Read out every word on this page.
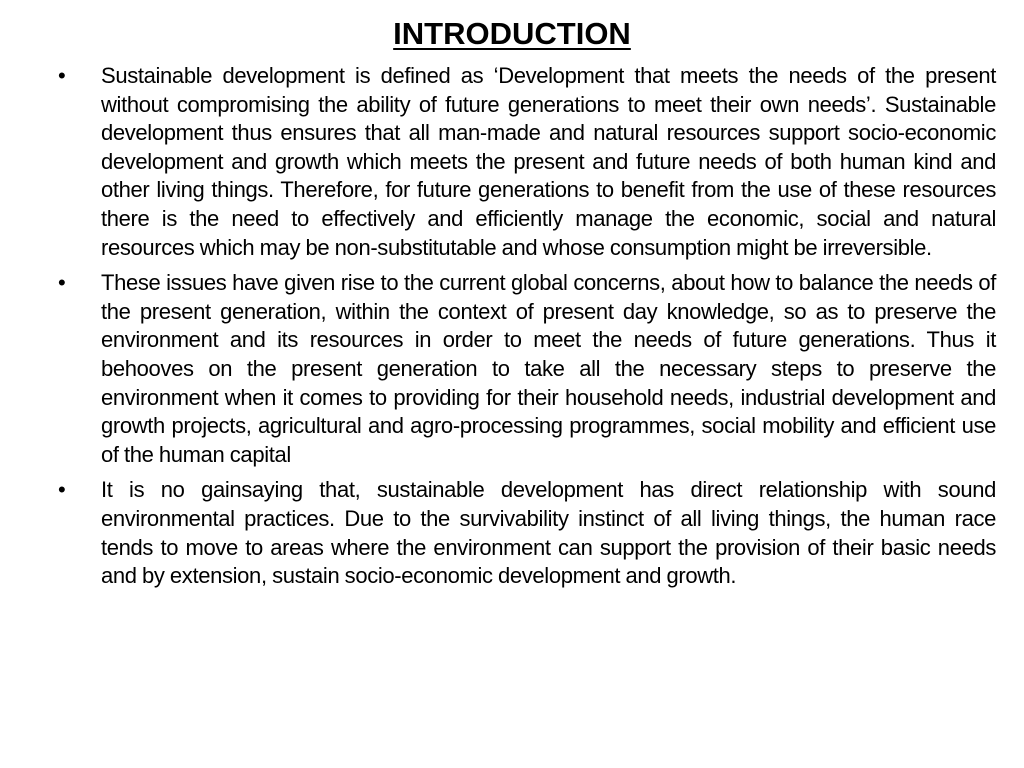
INTRODUCTION
• Sustainable development is defined as ‘Development that meets the needs of the present without compromising the ability of future generations to meet their own needs’. Sustainable development thus ensures that all man-made and natural resources support socio-economic development and growth which meets the present and future needs of both human kind and other living things. Therefore, for future generations to benefit from the use of these resources there is the need to effectively and efficiently manage the economic, social and natural resources which may be non-substitutable and whose consumption might be irreversible.
• These issues have given rise to the current global concerns, about how to balance the needs of the present generation, within the context of present day knowledge, so as to preserve the environment and its resources in order to meet the needs of future generations. Thus it behooves on the present generation to take all the necessary steps to preserve the environment when it comes to providing for their household needs, industrial development and growth projects, agricultural and agro-processing programmes, social mobility and efficient use of the human capital
• It is no gainsaying that, sustainable development has direct relationship with sound environmental practices. Due to the survivability instinct of all living things, the human race tends to move to areas where the environment can support the provision of their basic needs and by extension, sustain socio-economic development and growth.
